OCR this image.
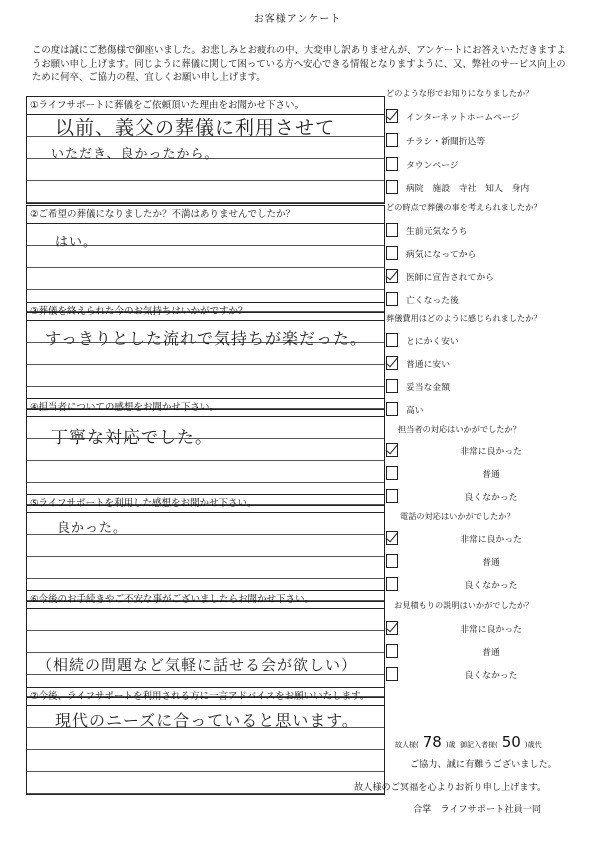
お客様アンケート
この度は誠にご愁傷様で御座いました。お悲しみとお疲れの中、大変申し訳ありませんが、アンケートにお答えいただきますようお願い申し上げます。同じように葬儀に関して困っている方へ安心できる情報となりますように、又、弊社のサービス向上のために何卒、ご協力の程、宜しくお願い申し上げます。
①ライフサポートに葬儀をご依頼頂いた理由をお聞かせ下さい。
以前、義父の葬儀に利用させて
いただき、良かったから。
②ご希望の葬儀になりましたか？不満はありませんでしたか？
はい。
③葬儀を終えられた今のお気持ちはいかがですか？
すっきりとした流れで気持ちが楽だった。
④担当者についての感想をお聞かせ下さい。
丁寧な対応でした。
⑤ライフサポートを利用した感想をお聞かせ下さい。
良かった。
⑥今後のお手続きやご不安な事がございましたらお聞かせ下さい。
（相続の問題など気軽に話せる会が欲しい）
⑦今後、ライフサポートを利用される方に一言アドバイスをお願いいたします。
現代のニーズに合っていると思います。
どのような形でお知りになりましたか？
インターネットホームページ
チラシ・新聞折込等
タウンページ
病院　施設　寺社　知人　身内
どの時点で葬儀の事を考えられましたか？
生前元気なうち
病気になってから
医師に宣告されてから
亡くなった後
葬儀費用はどのように感じられましたか？
とにかく安い
普通に安い
妥当な金額
高い
担当者の対応はいかがでしたか？
非常に良かった
普通
良くなかった
電話の対応はいかがでしたか？
非常に良かった
普通
良くなかった
お見積もりの説明はいかがでしたか？
非常に良かった
普通
良くなかった
故人様( 78 )歳 御記入者様( 50 )歳代
ご協力、誠に有難うございました。
故人様のご冥福を心よりお祈り申し上げます。
合掌　ライフサポート社員一同
